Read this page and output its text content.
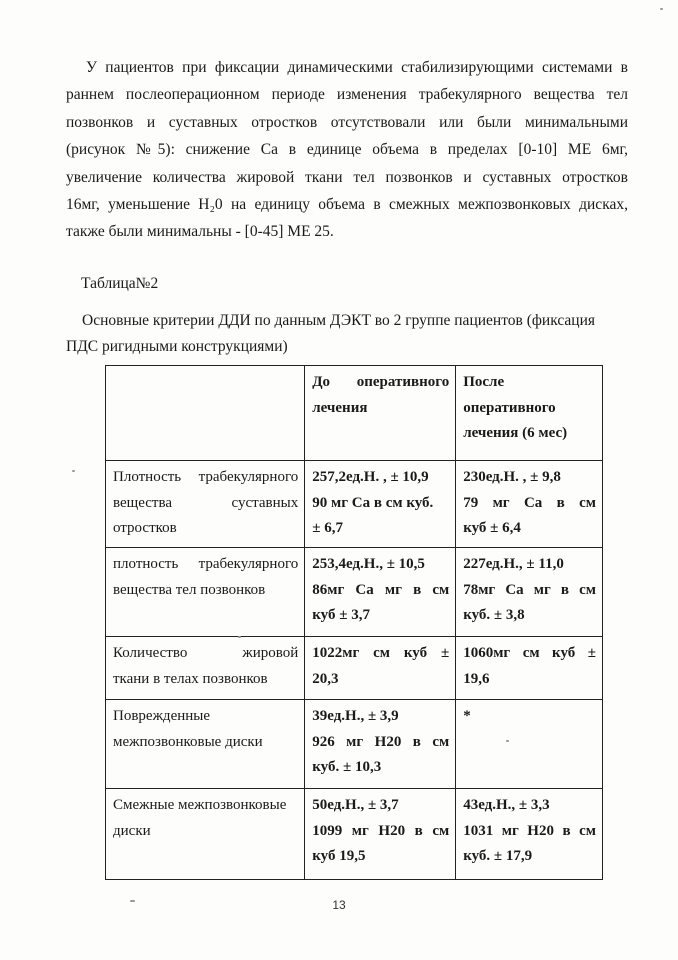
У пациентов при фиксации динамическими стабилизирующими системами в
раннем послеоперационном периоде изменения трабекулярного вещества тел
позвонков и суставных отростков отсутствовали или были минимальными
(рисунок №5): снижение Са в единице объема в пределах [0-10] МЕ 6мг,
увеличение количества жировой ткани тел позвонков и суставных отростков
16мг, уменьшение H₂0 на единицу объема в смежных межпозвонковых дисках,
также были минимальны - [0-45] МЕ 25.

Таблица№2

Основные критерии ДДИ по данным ДЭКТ во 2 группе пациентов (фиксация
ПДС ригидными конструкциями)

	До оперативного
лечения	После
оперативного
лечения (6 мес)

Плотность трабекулярного
вещества суставных
отростков	257,2ед.Н. , ± 10,9
90 мг Са в см куб.
± 6,7	230ед.Н. , ± 9,8
79 мг Са в см
куб ± 6,4

плотность трабекулярного
вещества тел позвонков	253,4ед.Н., ± 10,5
86мг Са мг в см
куб ± 3,7	227ед.Н., ± 11,0
78мг Са мг в см
куб. ± 3,8

Количество жировой
ткани в телах позвонков	1022мг см куб ±
20,3	1060мг см куб ±
19,6

Поврежденные
межпозвонковые диски	39ед.Н., ± 3,9
926 мг H20 в см
куб. ± 10,3	*

Смежные межпозвонковые
диски	50ед.Н., ± 3,7
1099 мг H20 в см
куб 19,5	43ед.Н., ± 3,3
1031 мг H20 в см
куб. ± 17,9
13
